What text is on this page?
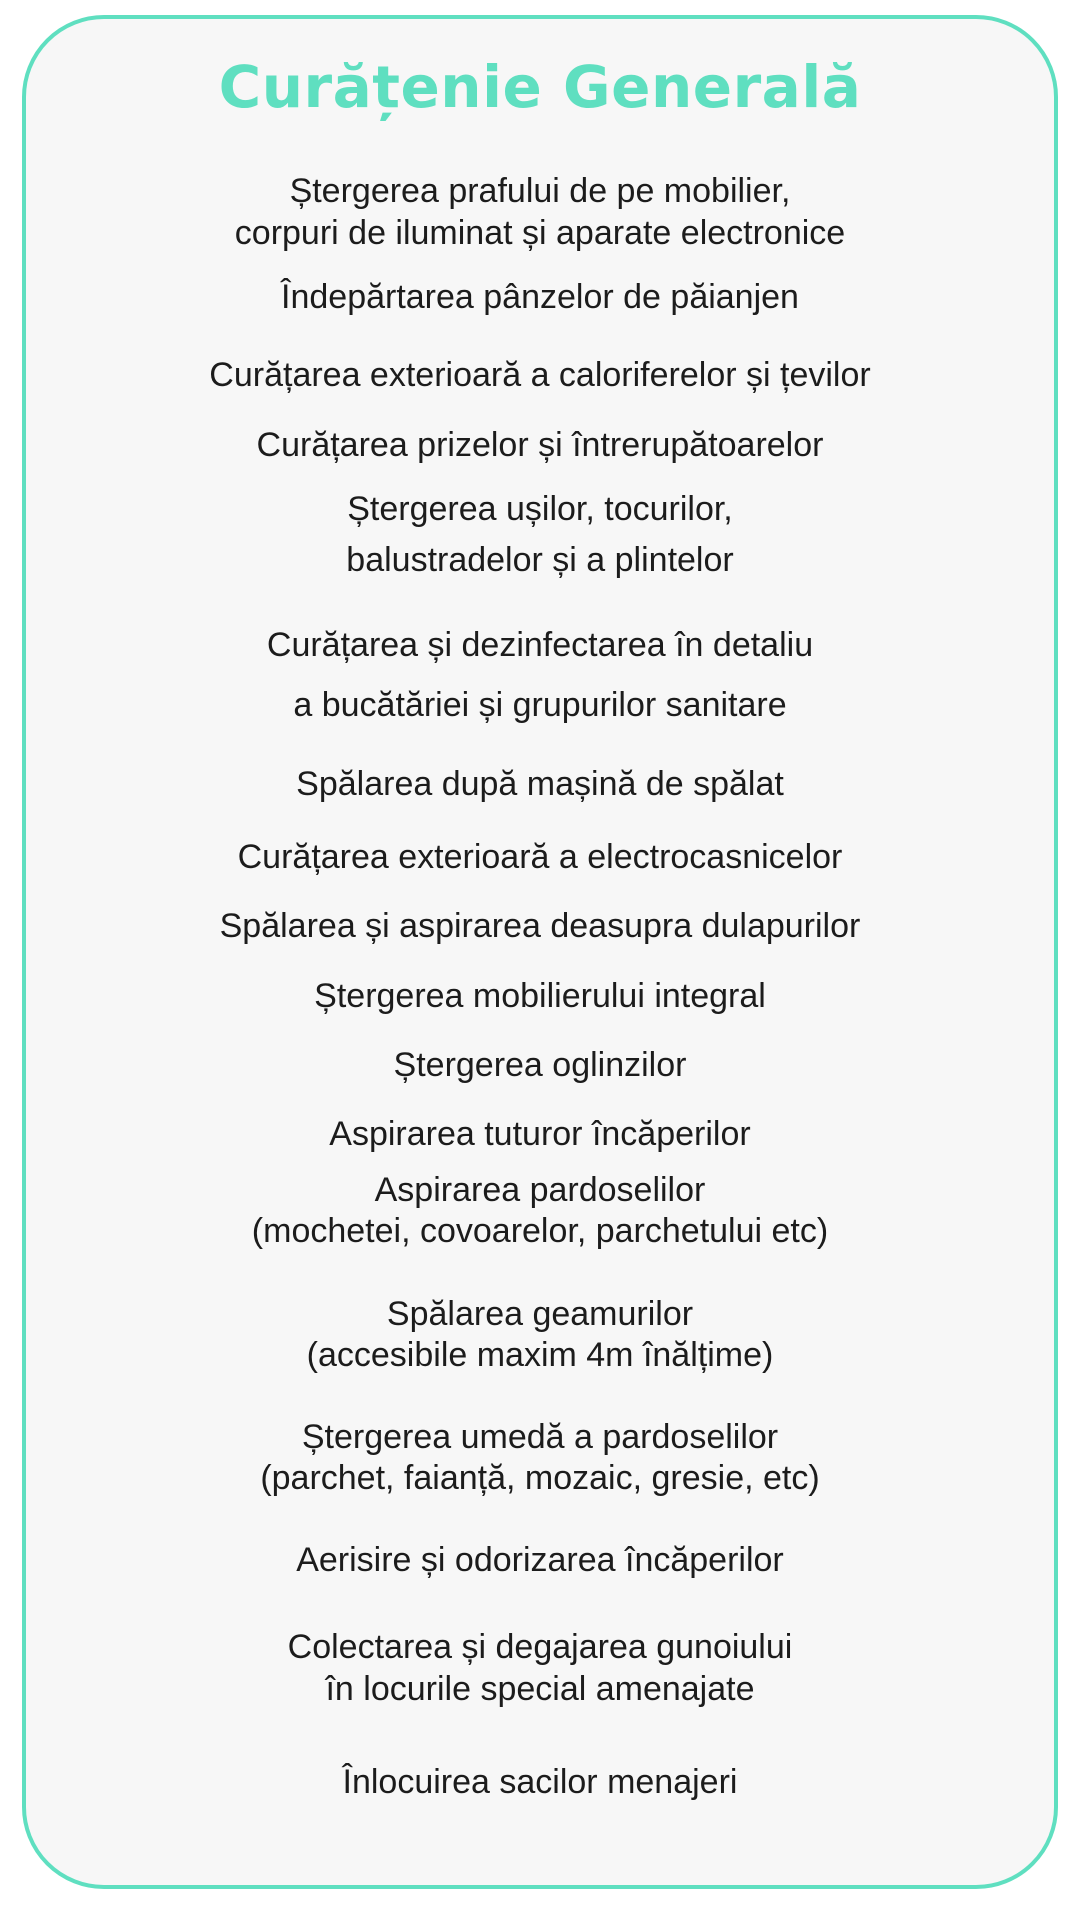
Curățenie Generală
Ștergerea prafului de pe mobilier,
corpuri de iluminat și aparate electronice
Îndepărtarea pânzelor de păianjen
Curățarea exterioară a caloriferelor și țevilor
Curățarea prizelor și întrerupătoarelor
Ștergerea ușilor, tocurilor,
balustradelor și a plintelor
Curățarea și dezinfectarea în detaliu
a bucătăriei și grupurilor sanitare
Spălarea după mașină de spălat
Curățarea exterioară a electrocasnicelor
Spălarea și aspirarea deasupra dulapurilor
Ștergerea mobilierului integral
Ștergerea oglinzilor
Aspirarea tuturor încăperilor
Aspirarea pardoselilor
(mochetei, covoarelor, parchetului etc)
Spălarea geamurilor
(accesibile maxim 4m înălțime)
Ștergerea umedă a pardoselilor
(parchet, faianță, mozaic, gresie, etc)
Aerisire și odorizarea încăperilor
Colectarea și degajarea gunoiului
în locurile special amenajate
Înlocuirea sacilor menajeri
